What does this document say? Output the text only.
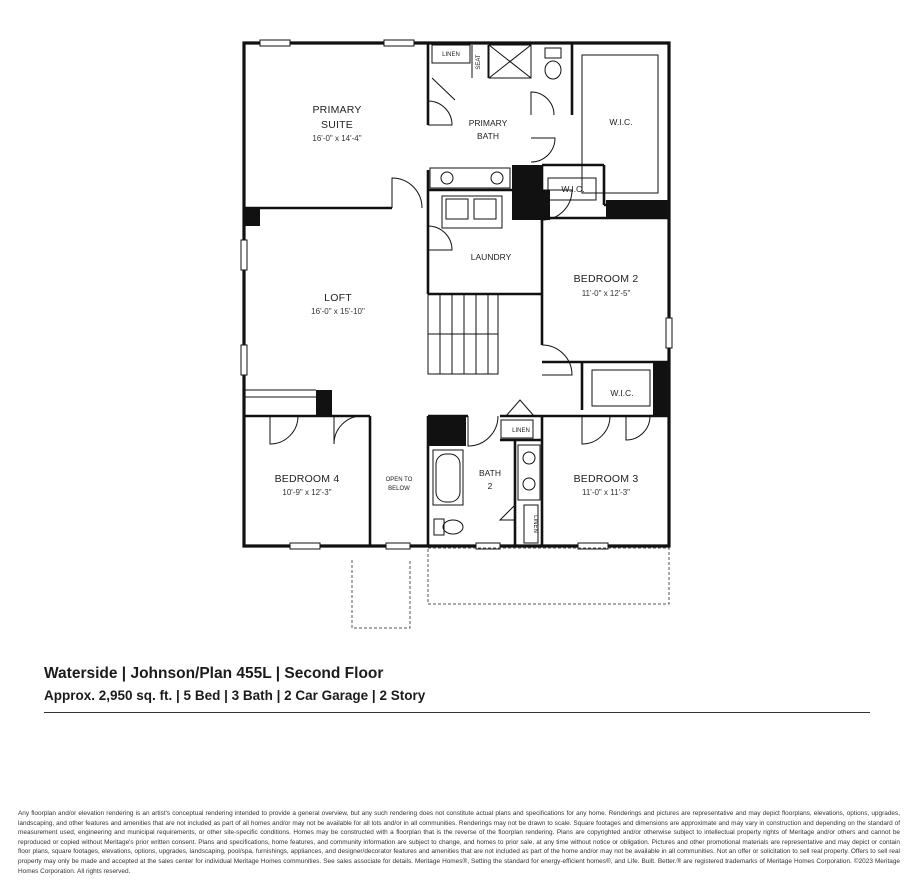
PRIMARY
SUITE
16'-0" x 14'-4"
PRIMARY
BATH
W.I.C.
W.I.C.
LAUNDRY
BEDROOM 2
11'-0" x 12'-5"
LOFT
16'-0" x 15'-10"
W.I.C.
BEDROOM 4
10'-9" x 12'-3"
OPEN TO
BELOW
BATH
2
BEDROOM 3
11'-0" x 11'-3"
LINEN
LINEN
LINEN
SEAT
Waterside | Johnson/Plan 455L | Second Floor
Approx. 2,950 sq. ft. | 5 Bed | 3 Bath | 2 Car Garage | 2 Story
Any floorplan and/or elevation rendering is an artist's conceptual rendering intended to provide a general overview, but any such rendering does not constitute actual plans and specifications for any home. Renderings and pictures are representative and may depict floorplans, elevations, options, upgrades, landscaping, and other features and amenities that are not included as part of all homes and/or may not be available for all lots and/or in all communities. Renderings may not be drawn to scale. Square footages and dimensions are approximate and may vary in construction and depending on the standard of measurement used, engineering and municipal requirements, or other site-specific conditions. Homes may be constructed with a floorplan that is the reverse of the floorplan rendering. Plans are copyrighted and/or otherwise subject to intellectual property rights of Meritage and/or others and cannot be reproduced or copied without Meritage's prior written consent. Plans and specifications, home features, and community information are subject to change, and homes to prior sale, at any time without notice or obligation. Pictures and other promotional materials are representative and may depict or contain floor plans, square footages, elevations, options, upgrades, landscaping, pool/spa, furnishings, appliances, and designer/decorator features and amenities that are not included as part of the home and/or may not be available in all communities. Not an offer or solicitation to sell real property. Offers to sell real property may only be made and accepted at the sales center for individual Meritage Homes communities. See sales associate for details. Meritage Homes®, Setting the standard for energy-efficient homes®, and Life. Built. Better.® are registered trademarks of Meritage Homes Corporation. ©2023 Meritage Homes Corporation. All rights reserved.
